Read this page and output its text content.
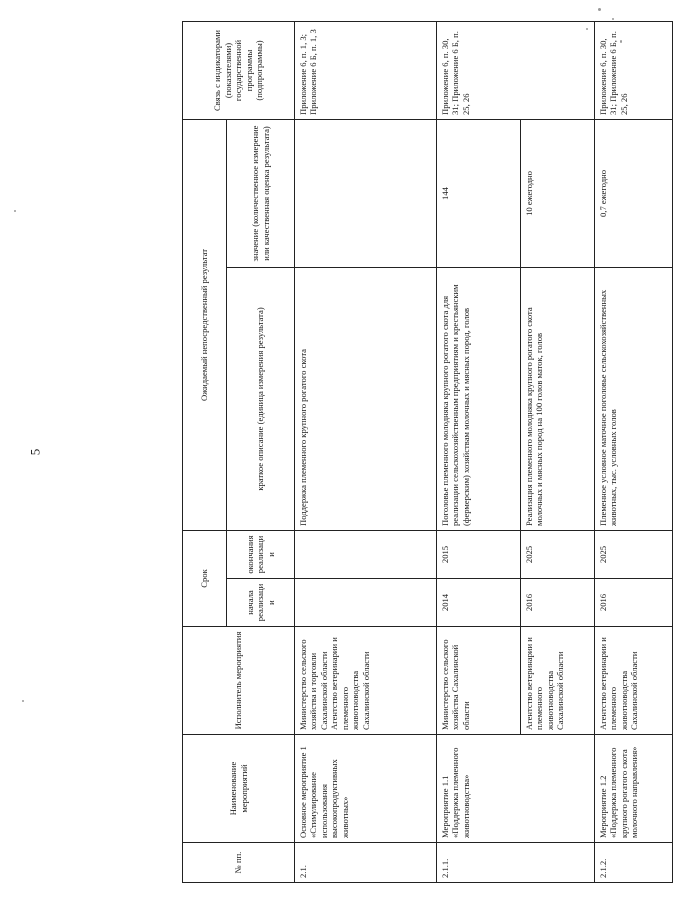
5
№ пп.	Наименование мероприятий	Исполнитель мероприятия	Срок		Ожидаемый непосредственный результат		Связь с индикаторами (показателями) государственной программы (подпрограммы)
			начала реализации	окончания реализации	краткое описание (единица измерения результата)	значение (количественное измерение или качественная оценка результата)	
2.1.	Основное мероприятие 1 «Стимулирование использования высокопродуктивных животных»	Министерство сельского хозяйства и торговли Сахалинской области Агентство ветеринарии и племенного животноводства Сахалинской области			Поддержка племенного крупного рогатого скота		Приложение 6, п. 1, 3; Приложение 6 Б, п. 1, 3
2.1.1.	Мероприятие 1.1 «Поддержка племенного животноводства»	Министерство сельского хозяйства Сахалинской области	2014	2015	Поголовье племенного молодняка крупного рогатого скота для реализации сельскохозяйственным предприятиям и крестьянским (фермерским) хозяйствам молочных и мясных пород, голов	144	Приложение 6, п. 30, 31; Приложение 6 Б, п. 25, 26
		Агентство ветеринарии и племенного животноводства Сахалинской области	2016	2025	Реализация племенного молодняка крупного рогатого скота молочных и мясных пород на 100 голов маток, голов	10 ежегодно	
2.1.2.	Мероприятие 1.2 «Поддержка племенного крупного рогатого скота молочного направления»	Агентство ветеринарии и племенного животноводства Сахалинской области	2016	2025	Племенное условное маточное поголовье сельскохозяйственных животных, тыс. условных голов	0,7 ежегодно	Приложение 6, п. 30, 31; Приложение 6 Б, п. 25, 26
